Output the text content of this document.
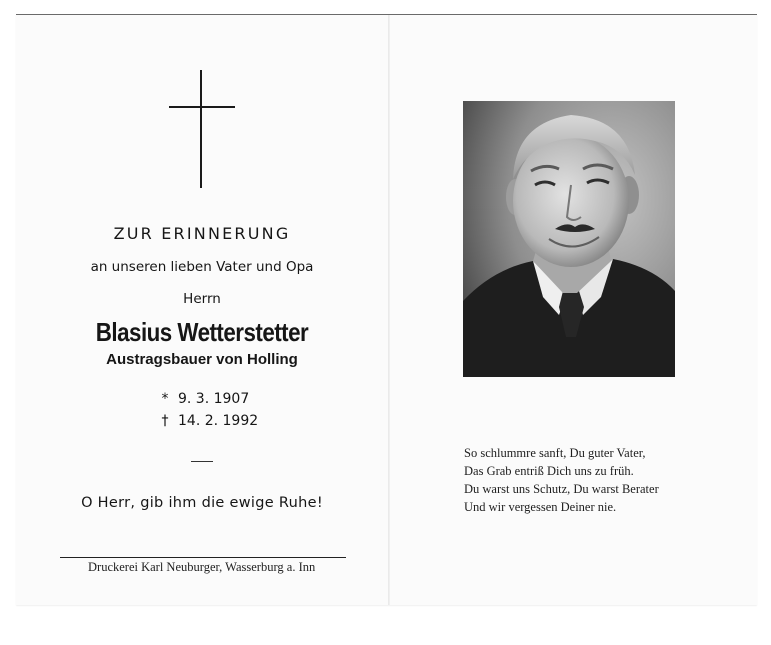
ZUR ERINNERUNG
an unseren lieben Vater und Opa
Herrn
Blasius Wetterstetter
Austragsbauer von Holling
* 9. 3. 1907
† 14. 2. 1992
O Herr, gib ihm die ewige Ruhe!
Druckerei Karl Neuburger, Wasserburg a. Inn
So schlummre sanft, Du guter Vater,
Das Grab entriß Dich uns zu früh.
Du warst uns Schutz, Du warst Berater
Und wir vergessen Deiner nie.
